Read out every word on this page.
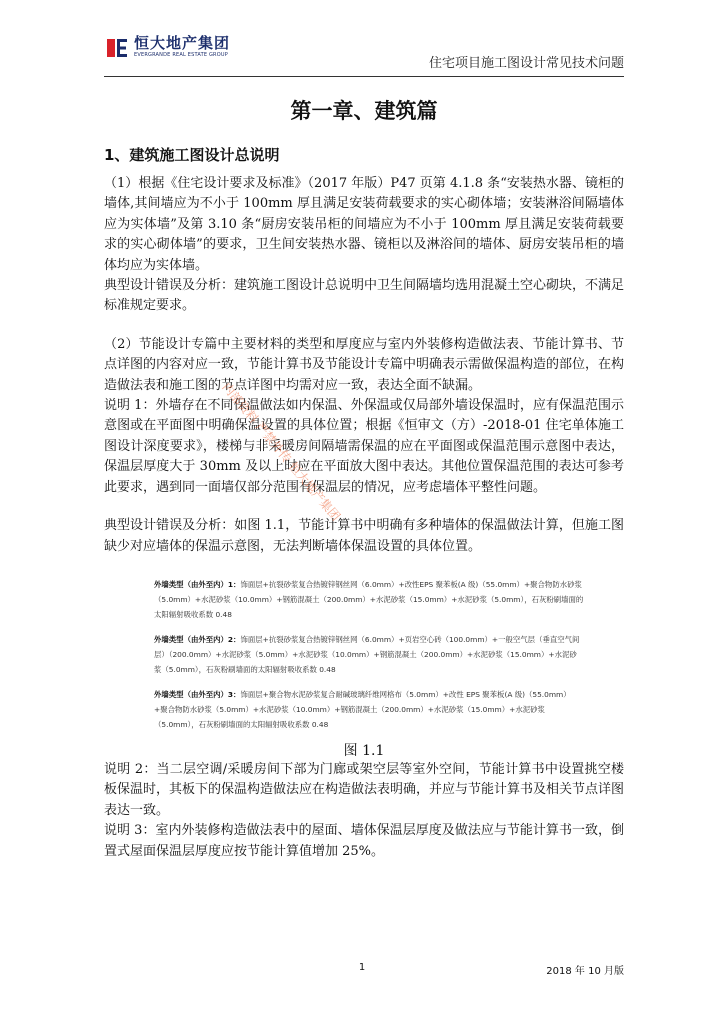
恒大地产集团
EVERGRANDE REAL ESTATE GROUP
住宅项目施工图设计常见技术问题
第一章、建筑篇
1、建筑施工图设计总说明

（1）根据《住宅设计要求及标准》（2017 年版）P47 页第 4.1.8 条“安装热水器、镜柜的墙体,其间墙应为不小于 100mm 厚且满足安装荷载要求的实心砌体墙；安装淋浴间隔墙体应为实体墙”及第 3.10 条“厨房安装吊柜的间墙应为不小于 100mm 厚且满足安装荷载要求的实心砌体墙”的要求，卫生间安装热水器、镜柜以及淋浴间的墙体、厨房安装吊柜的墙体均应为实体墙。

典型设计错误及分析：建筑施工图设计总说明中卫生间隔墙均选用混凝土空心砌块，不满足标准规定要求。

（2）节能设计专篇中主要材料的类型和厚度应与室内外装修构造做法表、节能计算书、节点详图的内容对应一致，节能计算书及节能设计专篇中明确表示需做保温构造的部位，在构造做法表和施工图的节点详图中均需对应一致，表达全面不缺漏。

说明 1：外墙存在不同保温做法如内保温、外保温或仅局部外墙设保温时，应有保温范围示意图或在平面图中明确保温设置的具体位置；根据《恒审文（方）-2018-01 住宅单体施工图设计深度要求》，楼梯与非采暖房间隔墙需保温的应在平面图或保温范围示意图中表达，保温层厚度大于 30mm 及以上时应在平面放大图中表达。其他位置保温范围的表达可参考此要求，遇到同一面墙仅部分范围有保温层的情况，应考虑墙体平整性问题。

典型设计错误及分析：如图 1.1，节能计算书中明确有多种墙体的保温做法计算，但施工图缺少对应墙体的保温示意图，无法判断墙体保温设置的具体位置。

外墙类型（由外至内）1：饰面层+抗裂砂浆复合热镀锌钢丝网（6.0mm）+改性EPS 聚苯板(A 级)（55.0mm）+聚合物防水砂浆（5.0mm）+水泥砂浆（10.0mm）+钢筋混凝土（200.0mm）+水泥砂浆（15.0mm）+水泥砂浆（5.0mm），石灰粉刷墙面的太阳辐射吸收系数 0.48
外墙类型（由外至内）2：饰面层+抗裂砂浆复合热镀锌钢丝网（6.0mm）+页岩空心砖（100.0mm）+一般空气层（垂直空气间层）（200.0mm）+水泥砂浆（5.0mm）+水泥砂浆（10.0mm）+钢筋混凝土（200.0mm）+水泥砂浆（15.0mm）+水泥砂浆（5.0mm），石灰粉刷墙面的太阳辐射吸收系数 0.48
外墙类型（由外至内）3：饰面层+聚合物水泥砂浆复合耐碱玻璃纤维网格布（5.0mm）+改性 EPS 聚苯板(A 级)（55.0mm）+聚合物防水砂浆（5.0mm）+水泥砂浆（10.0mm）+钢筋混凝土（200.0mm）+水泥砂浆（15.0mm）+水泥砂浆（5.0mm），石灰粉刷墙面的太阳辐射吸收系数 0.48
图 1.1

说明 2：当二层空调/采暖房间下部为门廊或架空层等室外空间，节能计算书中设置挑空楼板保温时，其板下的保温构造做法应在构造做法表明确，并应与节能计算书及相关节点详图表达一致。

说明 3：室内外装修构造做法表中的屋面、墙体保温层厚度及做法应与节能计算书一致，倒置式屋面保温层厚度应按节能计算值增加 25%。

内部资料 严禁外传 恒大地产集团
1	2018 年 10 月版
